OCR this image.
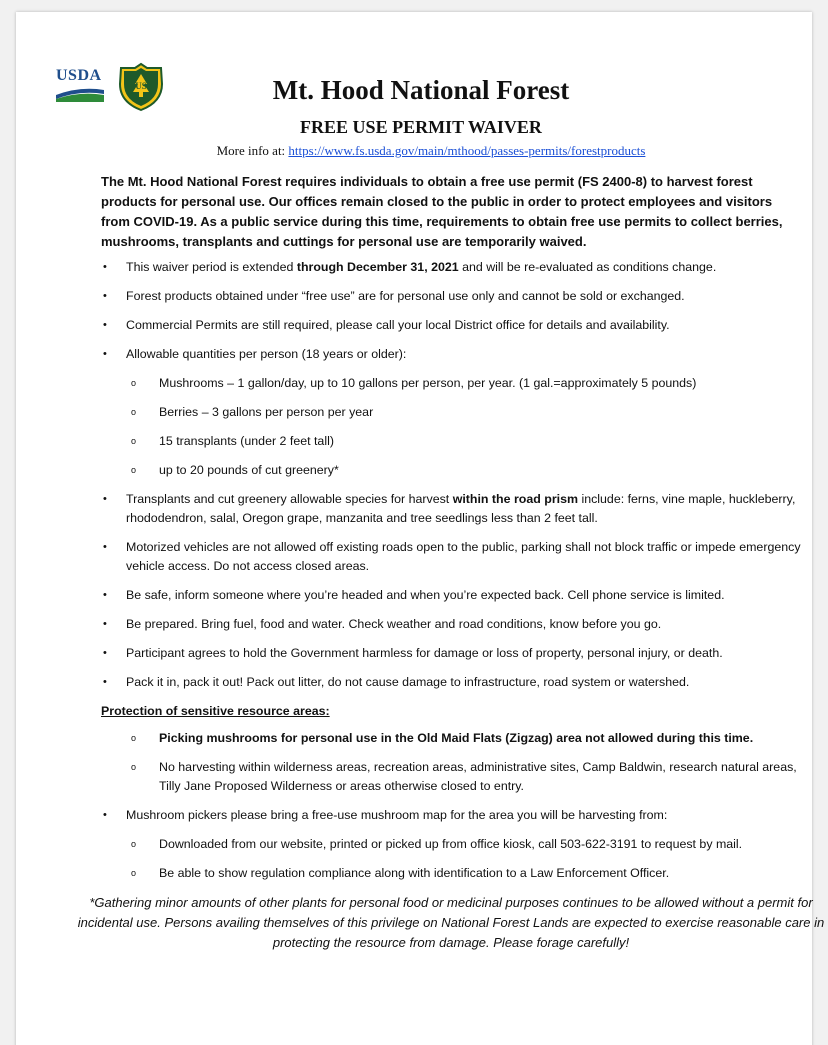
USDA
US	Mt. Hood National Forest
FREE USE PERMIT WAIVER
More info at: https://www.fs.usda.gov/main/mthood/passes-permits/forestproducts

The Mt. Hood National Forest requires individuals to obtain a free use permit (FS 2400-8) to harvest forest products for personal use. Our offices remain closed to the public in order to protect employees and visitors from COVID-19. As a public service during this time, requirements to obtain free use permits to collect berries, mushrooms, transplants and cuttings for personal use are temporarily waived.

• This waiver period is extended through December 31, 2021 and will be re-evaluated as conditions change.
• Forest products obtained under “free use” are for personal use only and cannot be sold or exchanged.
• Commercial Permits are still required, please call your local District office for details and availability.
• Allowable quantities per person (18 years or older):
o Mushrooms – 1 gallon/day, up to 10 gallons per person, per year. (1 gal.=approximately 5 pounds)
o Berries – 3 gallons per person per year
o 15 transplants (under 2 feet tall)
o up to 20 pounds of cut greenery*
• Transplants and cut greenery allowable species for harvest within the road prism include: ferns, vine maple, huckleberry, rhododendron, salal, Oregon grape, manzanita and tree seedlings less than 2 feet tall.
• Motorized vehicles are not allowed off existing roads open to the public, parking shall not block traffic or impede emergency vehicle access. Do not access closed areas.
• Be safe, inform someone where you’re headed and when you’re expected back. Cell phone service is limited.
• Be prepared. Bring fuel, food and water. Check weather and road conditions, know before you go.
• Participant agrees to hold the Government harmless for damage or loss of property, personal injury, or death.
• Pack it in, pack it out! Pack out litter, do not cause damage to infrastructure, road system or watershed.

Protection of sensitive resource areas:

o Picking mushrooms for personal use in the Old Maid Flats (Zigzag) area not allowed during this time.
o No harvesting within wilderness areas, recreation areas, administrative sites, Camp Baldwin, research natural areas, Tilly Jane Proposed Wilderness or areas otherwise closed to entry.
• Mushroom pickers please bring a free-use mushroom map for the area you will be harvesting from:
o Downloaded from our website, printed or picked up from office kiosk, call 503-622-3191 to request by mail.
o Be able to show regulation compliance along with identification to a Law Enforcement Officer.

*Gathering minor amounts of other plants for personal food or medicinal purposes continues to be allowed without a permit for incidental use. Persons availing themselves of this privilege on National Forest Lands are expected to exercise reasonable care in protecting the resource from damage. Please forage carefully!
